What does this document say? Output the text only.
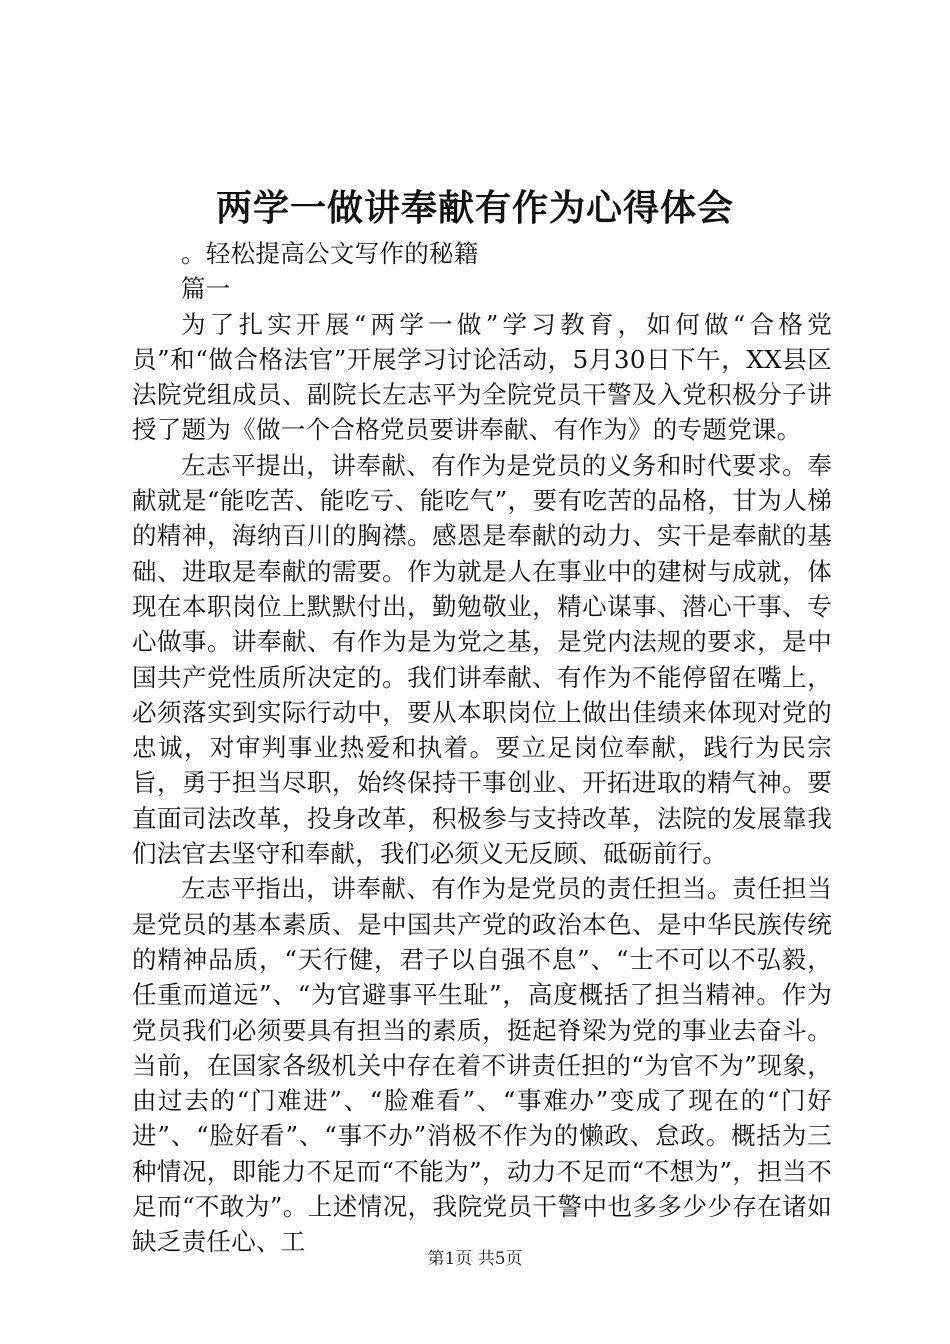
两学一做讲奉献有作为心得体会

。轻松提高公文写作的秘籍

篇一

为了扎实开展“两学一做”学习教育，如何做“合格党员”和“做合格法官”开展学习讨论活动，5月30日下午，XX县区法院党组成员、副院长左志平为全院党员干警及入党积极分子讲授了题为《做一个合格党员要讲奉献、有作为》的专题党课。

左志平提出，讲奉献、有作为是党员的义务和时代要求。奉献就是“能吃苦、能吃亏、能吃气”，要有吃苦的品格，甘为人梯的精神，海纳百川的胸襟。感恩是奉献的动力、实干是奉献的基础、进取是奉献的需要。作为就是人在事业中的建树与成就，体现在本职岗位上默默付出，勤勉敬业，精心谋事、潜心干事、专心做事。讲奉献、有作为是为党之基，是党内法规的要求，是中国共产党性质所决定的。我们讲奉献、有作为不能停留在嘴上，必须落实到实际行动中，要从本职岗位上做出佳绩来体现对党的忠诚，对审判事业热爱和执着。要立足岗位奉献，践行为民宗旨，勇于担当尽职，始终保持干事创业、开拓进取的精气神。要直面司法改革，投身改革，积极参与支持改革，法院的发展靠我们法官去坚守和奉献，我们必须义无反顾、砥砺前行。

左志平指出，讲奉献、有作为是党员的责任担当。责任担当是党员的基本素质、是中国共产党的政治本色、是中华民族传统的精神品质，“天行健，君子以自强不息”、“士不可以不弘毅，任重而道远”、“为官避事平生耻”，高度概括了担当精神。作为党员我们必须要具有担当的素质，挺起脊梁为党的事业去奋斗。当前，在国家各级机关中存在着不讲责任担的“为官不为”现象，由过去的“门难进”、“脸难看”、“事难办”变成了现在的“门好进”、“脸好看”、“事不办”消极不作为的懒政、怠政。概括为三种情况，即能力不足而“不能为”，动力不足而“不想为”，担当不足而“不敢为”。上述情况，我院党员干警中也多多少少存在诸如缺乏责任心、工

第1页 共5页
